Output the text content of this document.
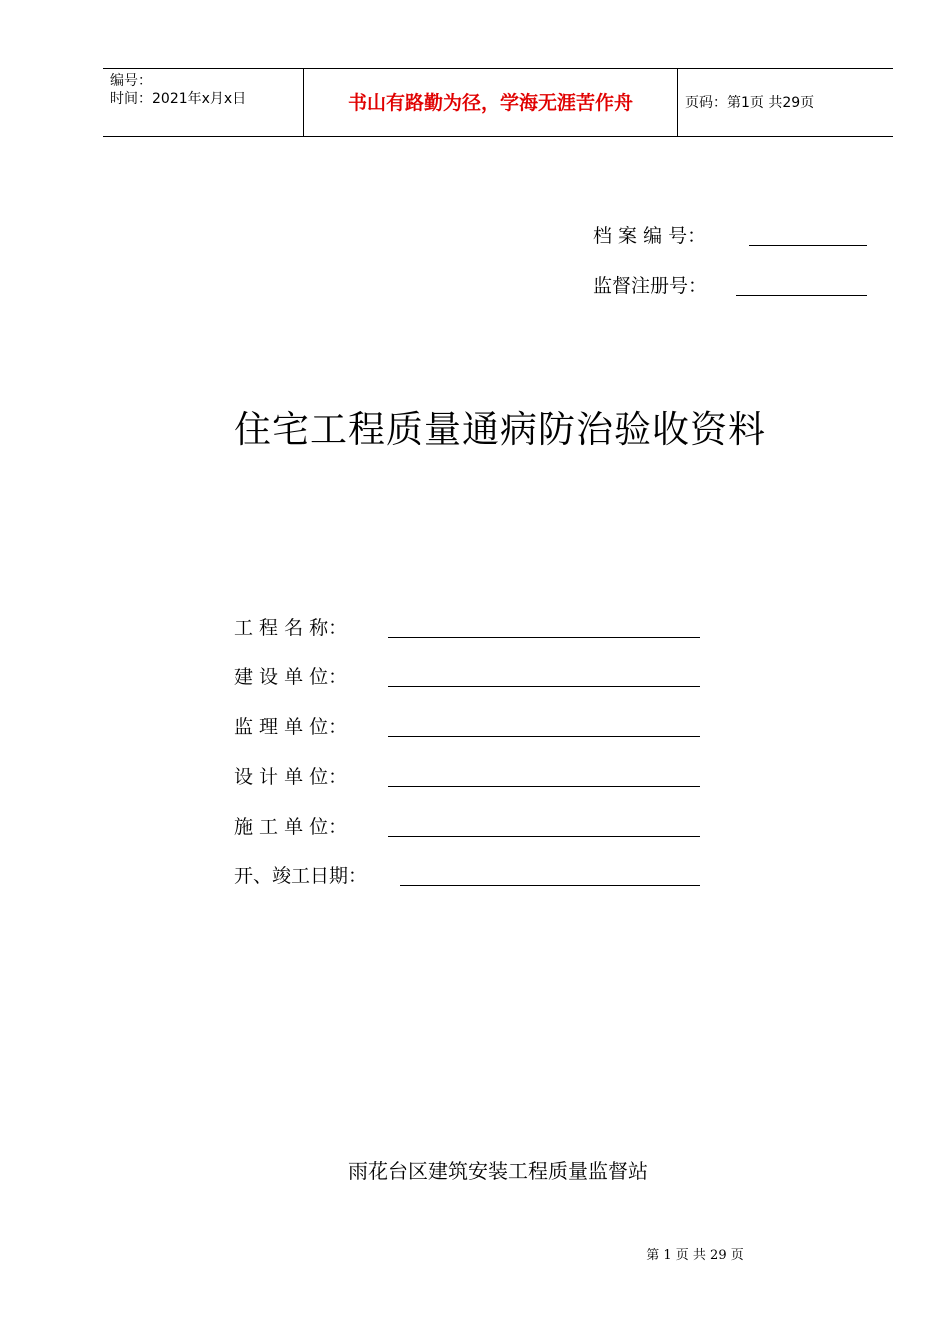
编号：
时间：2021年x月x日	书山有路勤为径，学海无涯苦作舟	页码：第1页 共29页
档 案 编 号：
监督注册号：
住宅工程质量通病防治验收资料
工 程 名 称：
建 设 单 位：
监 理 单 位：
设 计 单 位：
施 工 单 位：
开、竣工日期：
雨花台区建筑安装工程质量监督站
第 1 页 共 29 页
